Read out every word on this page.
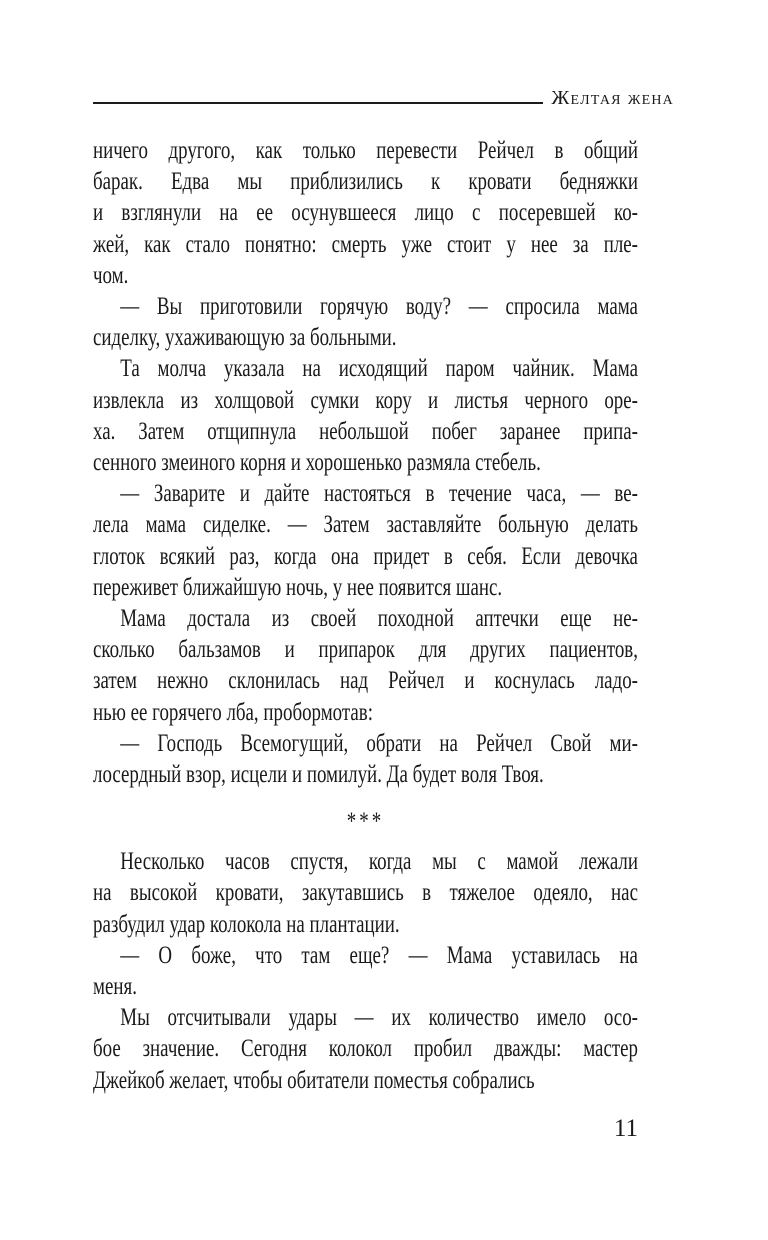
Желтая жена
ничего другого, как только перевести Рейчел в общий
барак. Едва мы приблизились к кровати бедняжки
и взглянули на ее осунувшееся лицо с посеревшей ко-
жей, как стало понятно: смерть уже стоит у нее за пле-
чом.
— Вы приготовили горячую воду? — спросила мама
сиделку, ухаживающую за больными.
Та молча указала на исходящий паром чайник. Мама
извлекла из холщовой сумки кору и листья черного оре-
ха. Затем отщипнула небольшой побег заранее припа-
сенного змеиного корня и хорошенько размяла стебель.
— Заварите и дайте настояться в течение часа, — ве-
лела мама сиделке. — Затем заставляйте больную делать
глоток всякий раз, когда она придет в себя. Если девочка
переживет ближайшую ночь, у нее появится шанс.
Мама достала из своей походной аптечки еще не-
сколько бальзамов и припарок для других пациентов,
затем нежно склонилась над Рейчел и коснулась ладо-
нью ее горячего лба, пробормотав:
— Господь Всемогущий, обрати на Рейчел Свой ми-
лосердный взор, исцели и помилуй. Да будет воля Твоя.
***
Несколько часов спустя, когда мы с мамой лежали
на высокой кровати, закутавшись в тяжелое одеяло, нас
разбудил удар колокола на плантации.
— О боже, что там еще? — Мама уставилась на
меня.
Мы отсчитывали удары — их количество имело осо-
бое значение. Сегодня колокол пробил дважды: мастер
Джейкоб желает, чтобы обитатели поместья собрались
11
